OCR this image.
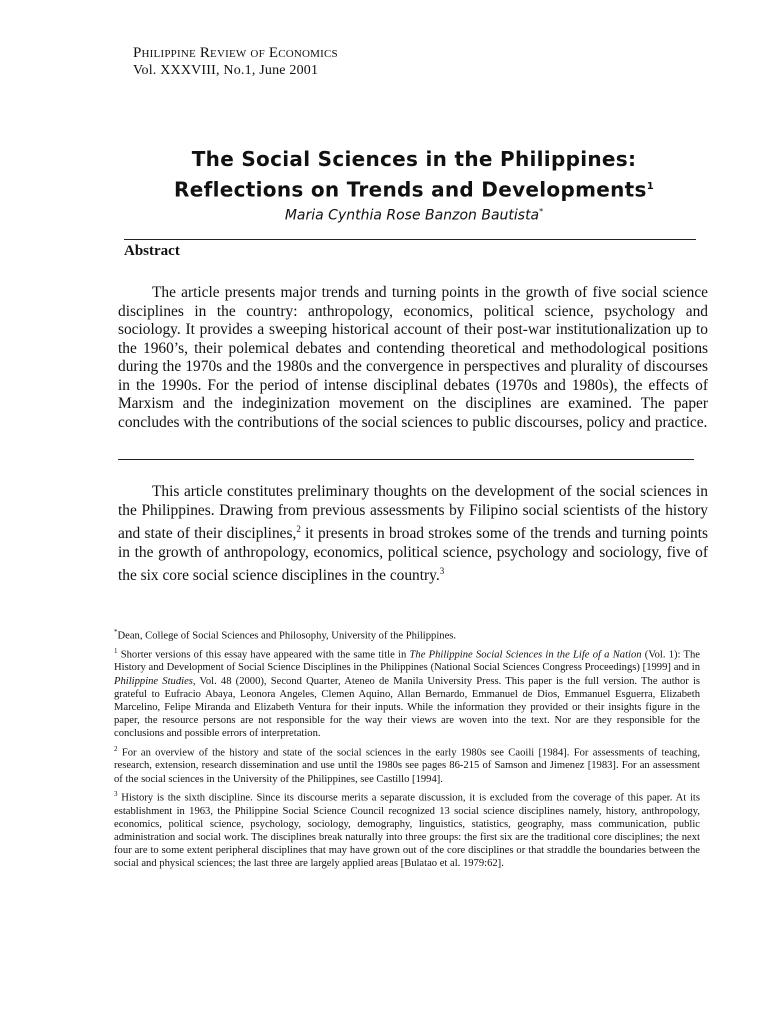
Philippine Review of Economics
Vol. XXXVIII, No.1, June 2001
The Social Sciences in the Philippines:
Reflections on Trends and Developments$^1$
Maria Cynthia Rose Banzon Bautista*
Abstract

The article presents major trends and turning points in the growth of five social science disciplines in the country: anthropology, economics, political science, psychology and sociology. It provides a sweeping historical account of their post-war institutionalization up to the 1960’s, their polemical debates and contending theoretical and methodological positions during the 1970s and the 1980s and the convergence in perspectives and plurality of discourses in the 1990s. For the period of intense disciplinal debates (1970s and 1980s), the effects of Marxism and the indeginization movement on the disciplines are examined. The paper concludes with the contributions of the social sciences to public discourses, policy and practice.

This article constitutes preliminary thoughts on the development of the social sciences in the Philippines. Drawing from previous assessments by Filipino social scientists of the history and state of their disciplines,$^2$ it presents in broad strokes some of the trends and turning points in the growth of anthropology, economics, political science, psychology and sociology, five of the six core social science disciplines in the country.$^3$

*Dean, College of Social Sciences and Philosophy, University of the Philippines.

$^1$ Shorter versions of this essay have appeared with the same title in The Philippine Social Sciences in the Life of a Nation (Vol. 1): The History and Development of Social Science Disciplines in the Philippines (National Social Sciences Congress Proceedings) [1999] and in Philippine Studies, Vol. 48 (2000), Second Quarter, Ateneo de Manila University Press. This paper is the full version. The author is grateful to Eufracio Abaya, Leonora Angeles, Clemen Aquino, Allan Bernardo, Emmanuel de Dios, Emmanuel Esguerra, Elizabeth Marcelino, Felipe Miranda and Elizabeth Ventura for their inputs. While the information they provided or their insights figure in the paper, the resource persons are not responsible for the way their views are woven into the text. Nor are they responsible for the conclusions and possible errors of interpretation.

$^2$ For an overview of the history and state of the social sciences in the early 1980s see Caoili [1984]. For assessments of teaching, research, extension, research dissemination and use until the 1980s see pages 86-215 of Samson and Jimenez [1983]. For an assessment of the social sciences in the University of the Philippines, see Castillo [1994].

$^3$ History is the sixth discipline. Since its discourse merits a separate discussion, it is excluded from the coverage of this paper. At its establishment in 1963, the Philippine Social Science Council recognized 13 social science disciplines namely, history, anthropology, economics, political science, psychology, sociology, demography, linguistics, statistics, geography, mass communication, public administration and social work. The disciplines break naturally into three groups: the first six are the traditional core disciplines; the next four are to some extent peripheral disciplines that may have grown out of the core disciplines or that straddle the boundaries between the social and physical sciences; the last three are largely applied areas [Bulatao et al. 1979:62].
